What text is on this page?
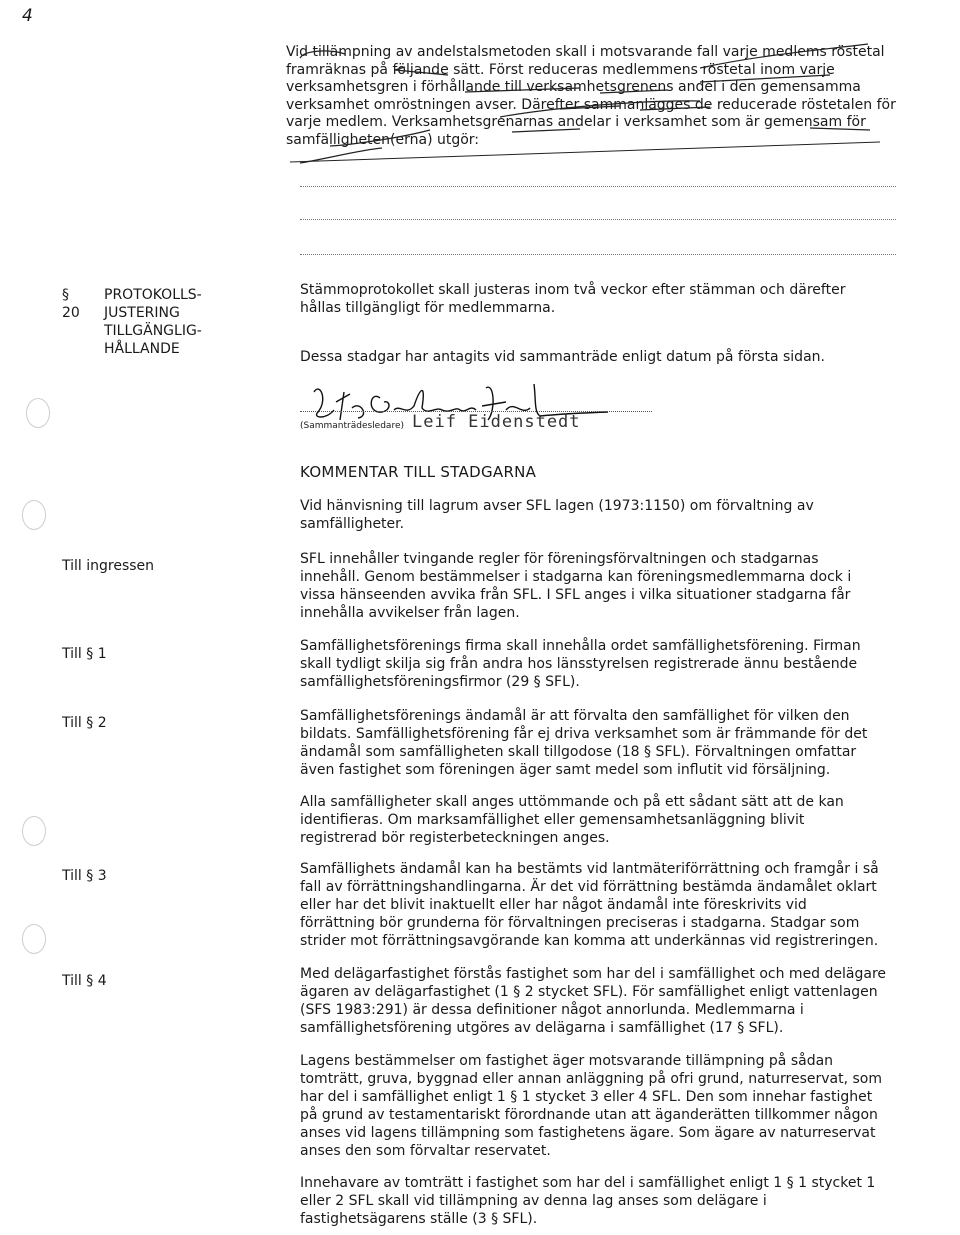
4

Vid tillämpning av andelstalsmetoden skall i motsvarande fall varje medlems röstetal framräknas på följande sätt. Först reduceras medlemmens röstetal inom varje verksamhetsgren i förhållande till verksamhetsgrenens andel i den gemensamma verksamhet omröstningen avser. Därefter sammanlägges de reducerade röstetalen för varje medlem. Verksamhetsgrenarnas andelar i verksamhet som är gemensam för samfälligheten(erna) utgör:

§ 20
PROTOKOLLS-
JUSTERING
TILLGÄNGLIG-
HÅLLANDE

Stämmoprotokollet skall justeras inom två veckor efter stämman och därefter hållas tillgängligt för medlemmarna.

Dessa stadgar har antagits vid sammanträde enligt datum på första sidan.

(Sammanträdesledare) Leif Eidenstedt
KOMMENTAR TILL STADGARNA

Vid hänvisning till lagrum avser SFL lagen (1973:1150) om förvaltning av samfälligheter.

Till ingressen	SFL innehåller tvingande regler för föreningsförvaltningen och stadgarnas innehåll. Genom bestämmelser i stadgarna kan föreningsmedlemmarna dock i vissa hänseenden avvika från SFL. I SFL anges i vilka situationer stadgarna får innehålla avvikelser från lagen.

Till § 1	Samfällighetsförenings firma skall innehålla ordet samfällighetsförening. Firman skall tydligt skilja sig från andra hos länsstyrelsen registrerade ännu bestående samfällighetsföreningsfirmor (29 § SFL).

Till § 2	Samfällighetsförenings ändamål är att förvalta den samfällighet för vilken den bildats. Samfällighetsförening får ej driva verksamhet som är främmande för det ändamål som samfälligheten skall tillgodose (18 § SFL). Förvaltningen omfattar även fastighet som föreningen äger samt medel som influtit vid försäljning.

Alla samfälligheter skall anges uttömmande och på ett sådant sätt att de kan identifieras. Om marksamfällighet eller gemensamhetsanläggning blivit registrerad bör registerbeteckningen anges.

Till § 3	Samfällighets ändamål kan ha bestämts vid lantmäteriförrättning och framgår i så fall av förrättningshandlingarna. Är det vid förrättning bestämda ändamålet oklart eller har det blivit inaktuellt eller har något ändamål inte föreskrivits vid förrättning bör grunderna för förvaltningen preciseras i stadgarna. Stadgar som strider mot förrättningsavgörande kan komma att underkännas vid registreringen.

Till § 4	Med delägarfastighet förstås fastighet som har del i samfällighet och med delägare ägaren av delägarfastighet (1 § 2 stycket SFL). För samfällighet enligt vattenlagen (SFS 1983:291) är dessa definitioner något annorlunda. Medlemmarna i samfällighetsförening utgöres av delägarna i samfällighet (17 § SFL).

Lagens bestämmelser om fastighet äger motsvarande tillämpning på sådan tomträtt, gruva, byggnad eller annan anläggning på ofri grund, naturreservat, som har del i samfällighet enligt 1 § 1 stycket 3 eller 4 SFL. Den som innehar fastighet på grund av testamentariskt förordnande utan att äganderätten tillkommer någon anses vid lagens tillämpning som fastighetens ägare. Som ägare av naturreservat anses den som förvaltar reservatet.

Innehavare av tomträtt i fastighet som har del i samfällighet enligt 1 § 1 stycket 1 eller 2 SFL skall vid tillämpning av denna lag anses som delägare i fastighetsägarens ställe (3 § SFL).
